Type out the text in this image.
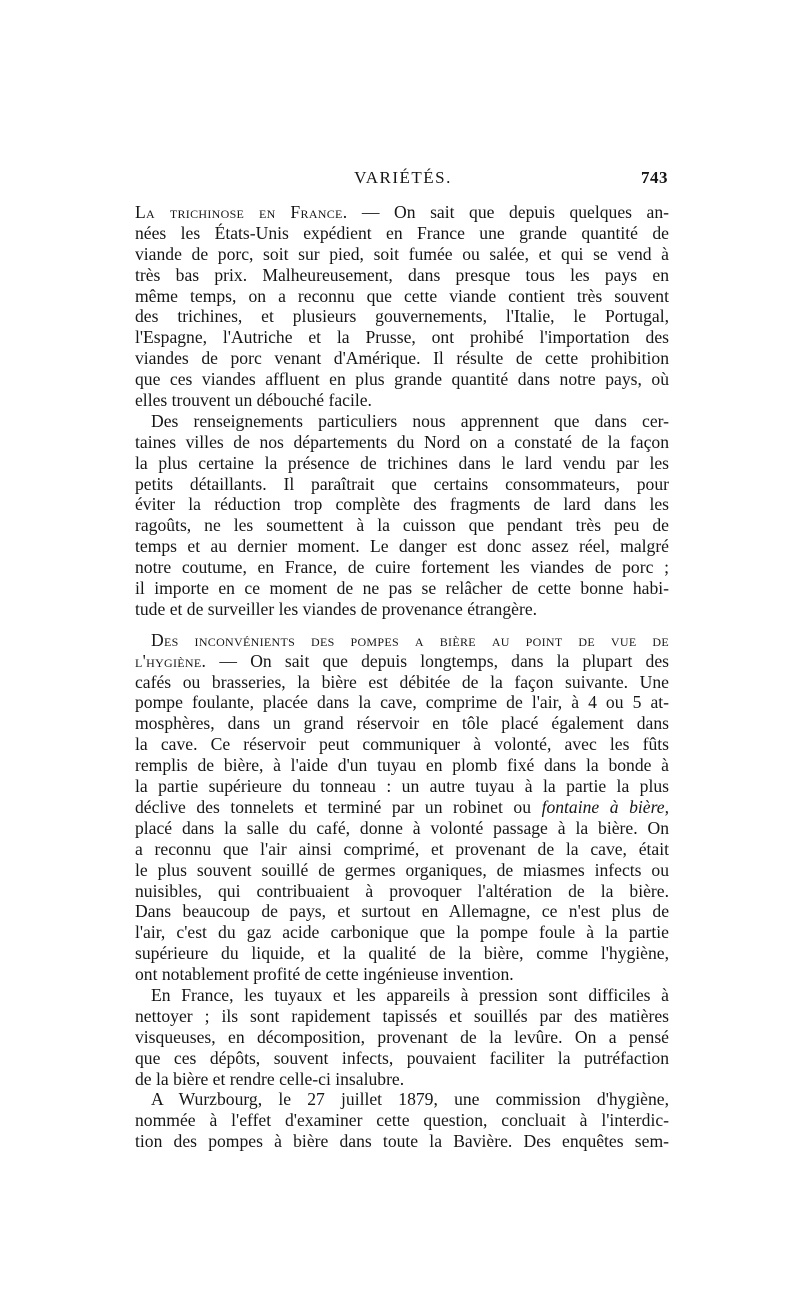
VARIÉTÉS.	743
La trichinose en France. — On sait que depuis quelques an-
nées les États-Unis expédient en France une grande quantité de
viande de porc, soit sur pied, soit fumée ou salée, et qui se vend à
très bas prix. Malheureusement, dans presque tous les pays en
même temps, on a reconnu que cette viande contient très souvent
des trichines, et plusieurs gouvernements, l'Italie, le Portugal,
l'Espagne, l'Autriche et la Prusse, ont prohibé l'importation des
viandes de porc venant d'Amérique. Il résulte de cette prohibition
que ces viandes affluent en plus grande quantité dans notre pays, où
elles trouvent un débouché facile.
Des renseignements particuliers nous apprennent que dans cer-
taines villes de nos départements du Nord on a constaté de la façon
la plus certaine la présence de trichines dans le lard vendu par les
petits détaillants. Il paraîtrait que certains consommateurs, pour
éviter la réduction trop complète des fragments de lard dans les
ragoûts, ne les soumettent à la cuisson que pendant très peu de
temps et au dernier moment. Le danger est donc assez réel, malgré
notre coutume, en France, de cuire fortement les viandes de porc ;
il importe en ce moment de ne pas se relâcher de cette bonne habi-
tude et de surveiller les viandes de provenance étrangère.
Des inconvénients des pompes a bière au point de vue de
l'hygiène. — On sait que depuis longtemps, dans la plupart des
cafés ou brasseries, la bière est débitée de la façon suivante. Une
pompe foulante, placée dans la cave, comprime de l'air, à 4 ou 5 at-
mosphères, dans un grand réservoir en tôle placé également dans
la cave. Ce réservoir peut communiquer à volonté, avec les fûts
remplis de bière, à l'aide d'un tuyau en plomb fixé dans la bonde à
la partie supérieure du tonneau : un autre tuyau à la partie la plus
déclive des tonnelets et terminé par un robinet ou fontaine à bière,
placé dans la salle du café, donne à volonté passage à la bière. On
a reconnu que l'air ainsi comprimé, et provenant de la cave, était
le plus souvent souillé de germes organiques, de miasmes infects ou
nuisibles, qui contribuaient à provoquer l'altération de la bière.
Dans beaucoup de pays, et surtout en Allemagne, ce n'est plus de
l'air, c'est du gaz acide carbonique que la pompe foule à la partie
supérieure du liquide, et la qualité de la bière, comme l'hygiène,
ont notablement profité de cette ingénieuse invention.
En France, les tuyaux et les appareils à pression sont difficiles à
nettoyer ; ils sont rapidement tapissés et souillés par des matières
visqueuses, en décomposition, provenant de la levûre. On a pensé
que ces dépôts, souvent infects, pouvaient faciliter la putréfaction
de la bière et rendre celle-ci insalubre.
A Wurzbourg, le 27 juillet 1879, une commission d'hygiène,
nommée à l'effet d'examiner cette question, concluait à l'interdic-
tion des pompes à bière dans toute la Bavière. Des enquêtes sem-
